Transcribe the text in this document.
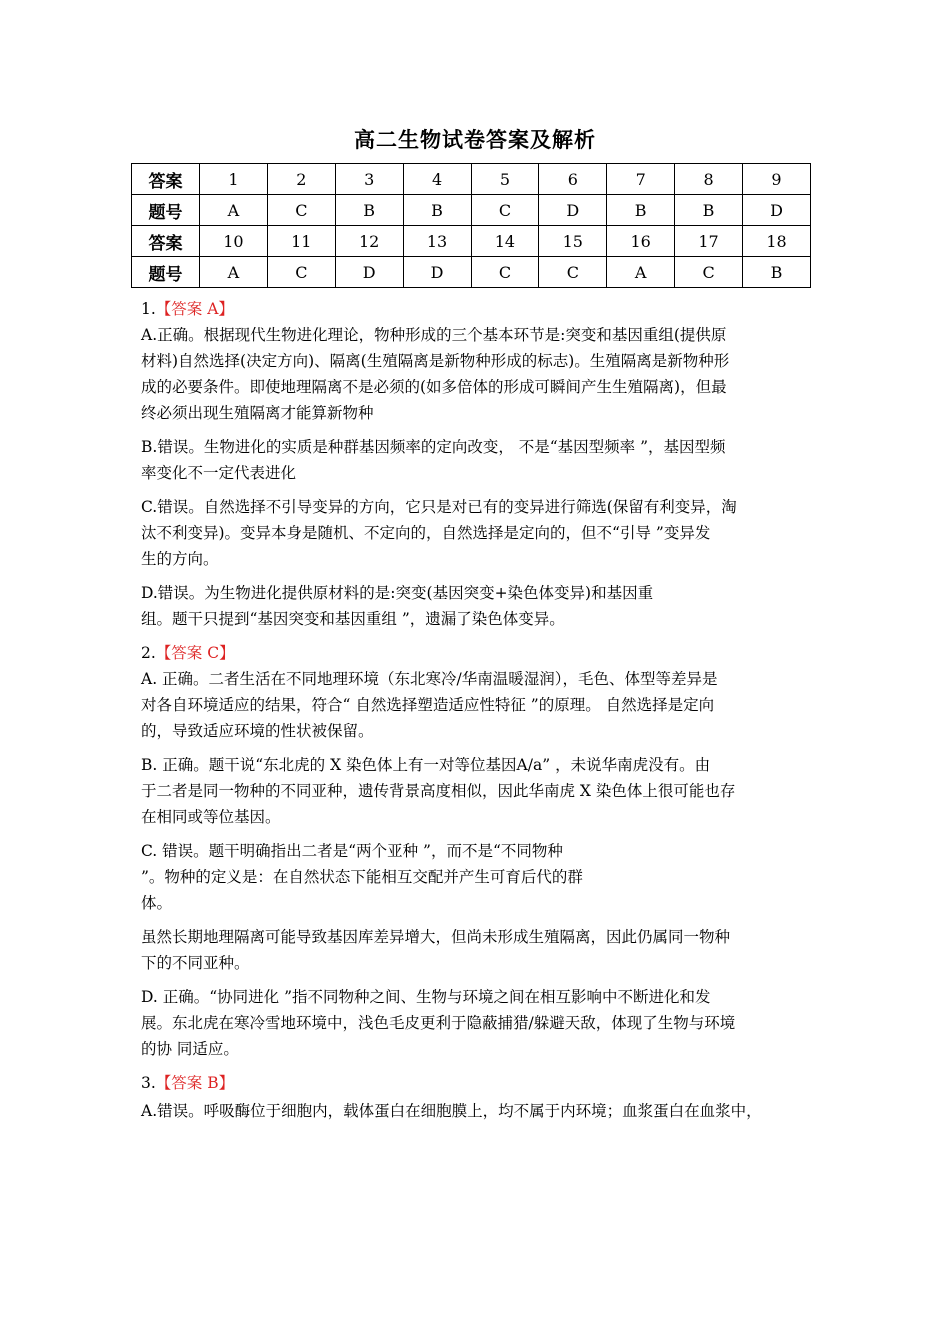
高二生物试卷答案及解析
答案	1	2	3	4	5	6	7	8	9
题号	A	C	B	B	C	D	B	B	D
答案	10	11	12	13	14	15	16	17	18
题号	A	C	D	D	C	C	A	C	B

1.【答案 A】

A.正确。根据现代生物进化理论，物种形成的三个基本环节是:突变和基因重组(提供原
材料)自然选择(决定方向)、隔离(生殖隔离是新物种形成的标志)。生殖隔离是新物种形
成的必要条件。即使地理隔离不是必须的(如多倍体的形成可瞬间产生生殖隔离)，但最
终必须出现生殖隔离才能算新物种

B.错误。生物进化的实质是种群基因频率的定向改变， 不是“基因型频率 ”，基因型频
率变化不一定代表进化

C.错误。自然选择不引导变异的方向，它只是对已有的变异进行筛选(保留有利变异，淘
汰不利变异)。变异本身是随机、不定向的，自然选择是定向的，但不“引导 ”变异发
生的方向。

D.错误。为生物进化提供原材料的是:突变(基因突变+染色体变异)和基因重
组。题干只提到“基因突变和基因重组 ”，遗漏了染色体变异。

2.【答案 C】

A. 正确。二者生活在不同地理环境（东北寒冷/华南温暖湿润），毛色、体型等差异是
对各自环境适应的结果，符合“ 自然选择塑造适应性特征 ”的原理。 自然选择是定向
的，导致适应环境的性状被保留。

B. 正确。题干说“东北虎的 X 染色体上有一对等位基因A/a” ，未说华南虎没有。由
于二者是同一物种的不同亚种，遗传背景高度相似，因此华南虎 X 染色体上很可能也存
在相同或等位基因。

C. 错误。题干明确指出二者是“两个亚种 ”，而不是“不同物种
”。物种的定义是：在自然状态下能相互交配并产生可育后代的群
体。

虽然长期地理隔离可能导致基因库差异增大，但尚未形成生殖隔离，因此仍属同一物种
下的不同亚种。

D. 正确。“协同进化 ”指不同物种之间、生物与环境之间在相互影响中不断进化和发
展。东北虎在寒冷雪地环境中，浅色毛皮更利于隐蔽捕猎/躲避天敌，体现了生物与环境
的协 同适应。

3.【答案 B】

A.错误。呼吸酶位于细胞内，载体蛋白在细胞膜上，均不属于内环境；血浆蛋白在血浆中，
